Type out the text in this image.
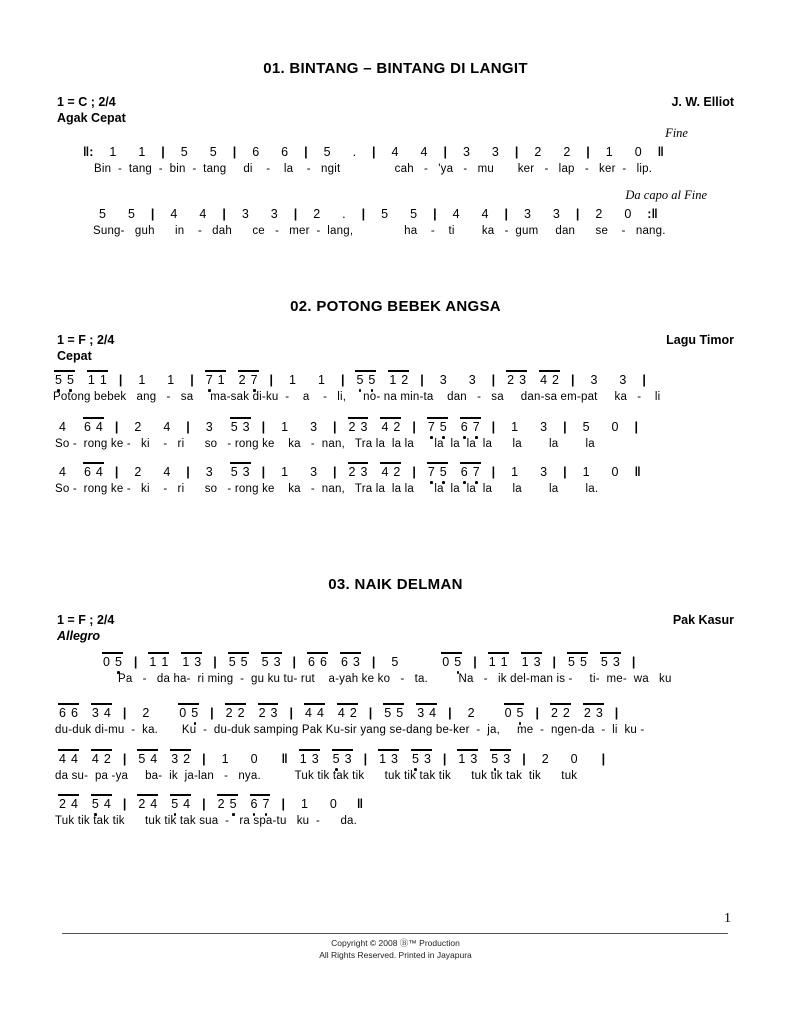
01. BINTANG – BINTANG DI LANGIT
1 = C ; 2/4	J. W. Elliot
Agak Cepat
Fine
‖: 1 1 | 5 5 | 6 6 | 5 . | 4 4 | 3 3 | 2 2 | 1 0 ‖
Bin  -  tang  -  bin  -  tang     di    -    la    -   ngit                cah   -   'ya   -   mu       ker   -   lap   -   ker  -   lip.
Da capo al Fine
5 5 | 4 4 | 3 3 | 2 . | 5 5 | 4 4 | 3 3 | 2 0 :‖
Sung-   guh      in    -   dah      ce   -   mer  -  lang,               ha    -    ti        ka   -  gum     dan      se    -   nang.
02. POTONG BEBEK ANGSA
1 = F ; 2/4	Lagu Timor
Cepat
5 5 1 1 | 1 1 | 7 1 2 7 | 1 1 | 5 5 1 2 | 3 3 | 2 3 4 2 | 3 3 |
Potong bebek   ang   -   sa     ma-sak di-ku  -    a    -   li,     no- na min-ta    dan   -   sa     dan-sa em-pat     ka   -    li
4 6 4 | 2 4 | 3 5 3 | 1 3 | 2 3 4 2 | 7 5 6 7 | 1 3 | 5 0 |
So -  rong ke -   ki    -   ri      so   - rong ke    ka   -  nan,   Tra la  la la      la  la  la  la      la        la        la
4 6 4 | 2 4 | 3 5 3 | 1 3 | 2 3 4 2 | 7 5 6 7 | 1 3 | 1 0 ‖
So -  rong ke -   ki    -   ri      so   - rong ke    ka   -  nan,   Tra la  la la      la  la  la  la      la        la        la.
03. NAIK DELMAN
1 = F ; 2/4	Pak Kasur
Allegro
0 5 | 1 1 1 3 | 5 5 5 3 | 6 6 6 3 | 5	0 5 | 1 1 1 3 | 5 5 5 3 |
Pa   -   da ha-  ri ming  -  gu ku tu- rut    a-yah ke ko   -   ta.         Na   -   ik del-man is -     ti-  me-  wa   ku
6 6 3 4 | 2 0 5 | 2 2 2 3 | 4 4 4 2 | 5 5 3 4 | 2 0 5 | 2 2 2 3 |
du-duk di-mu  -  ka.       Ku  -  du-duk samping Pak Ku-sir yang se-dang be-ker  -  ja,     me  -  ngen-da  -  li  ku -
4 4 4 2 | 5 4 3 2 | 1 0 ‖ 1 3 5 3 | 1 3 5 3 | 1 3 5 3 | 2 0 |
da su-  pa -ya     ba-  ik  ja-lan   -   nya.          Tuk tik tak tik      tuk tik tak tik      tuk tik tak  tik      tuk
2 4 5 4 | 2 4 5 4 | 2 5 6 7 | 1 0 ‖
Tuk tik tak tik      tuk tik tak sua  -   ra spa-tu   ku  -      da.
1
Copyright © 2008 Ⓑ™ Production
All Rights Reserved. Printed in Jayapura
